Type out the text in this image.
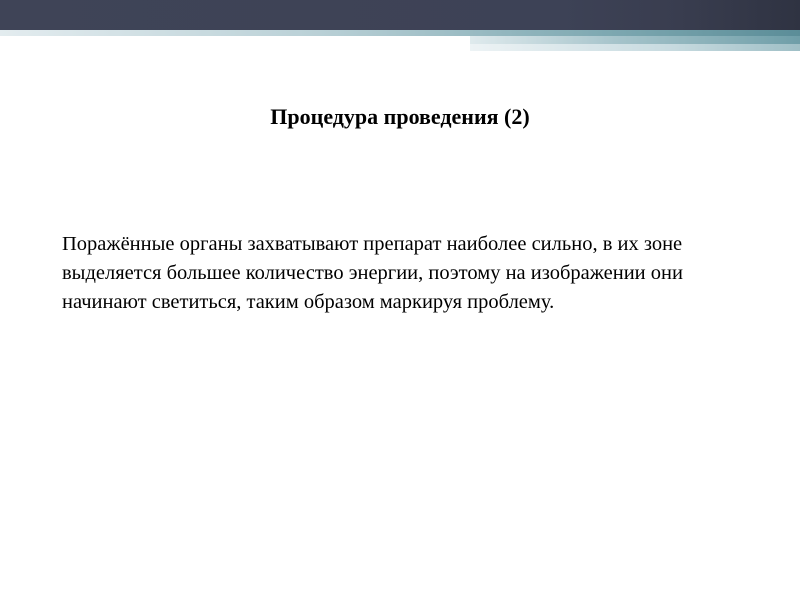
Процедура проведения (2)

Поражённые органы захватывают препарат наиболее сильно, в их зоне выделяется большее количество энергии, поэтому на изображении они начинают светиться, таким образом маркируя проблему.
